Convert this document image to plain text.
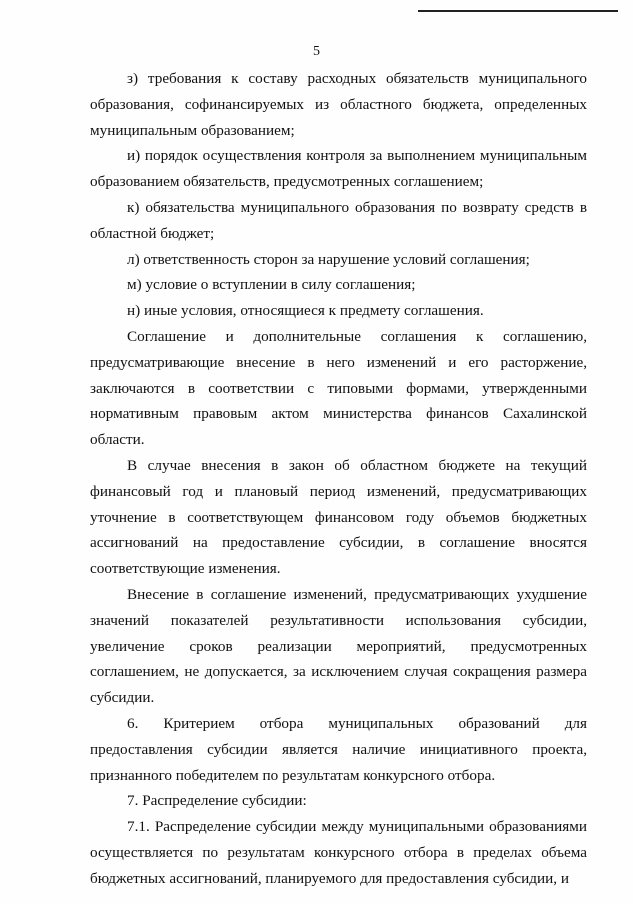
5

з) требования к составу расходных обязательств муниципального образования, софинансируемых из областного бюджета, определенных муниципальным образованием;

и) порядок осуществления контроля за выполнением муниципальным образованием обязательств, предусмотренных соглашением;

к) обязательства муниципального образования по возврату средств в областной бюджет;

л) ответственность сторон за нарушение условий соглашения;

м) условие о вступлении в силу соглашения;

н) иные условия, относящиеся к предмету соглашения.

Соглашение и дополнительные соглашения к соглашению, предусматривающие внесение в него изменений и его расторжение, заключаются в соответствии с типовыми формами, утвержденными нормативным правовым актом министерства финансов Сахалинской области.

В случае внесения в закон об областном бюджете на текущий финансовый год и плановый период изменений, предусматривающих уточнение в соответствующем финансовом году объемов бюджетных ассигнований на предоставление субсидии, в соглашение вносятся соответствующие изменения.

Внесение в соглашение изменений, предусматривающих ухудшение значений показателей результативности использования субсидии, увеличение сроков реализации мероприятий, предусмотренных соглашением, не допускается, за исключением случая сокращения размера субсидии.

6. Критерием отбора муниципальных образований для предоставления субсидии является наличие инициативного проекта, признанного победителем по результатам конкурсного отбора.

7. Распределение субсидии:

7.1. Распределение субсидии между муниципальными образованиями осуществляется по результатам конкурсного отбора в пределах объема бюджетных ассигнований, планируемого для предоставления субсидии, и
